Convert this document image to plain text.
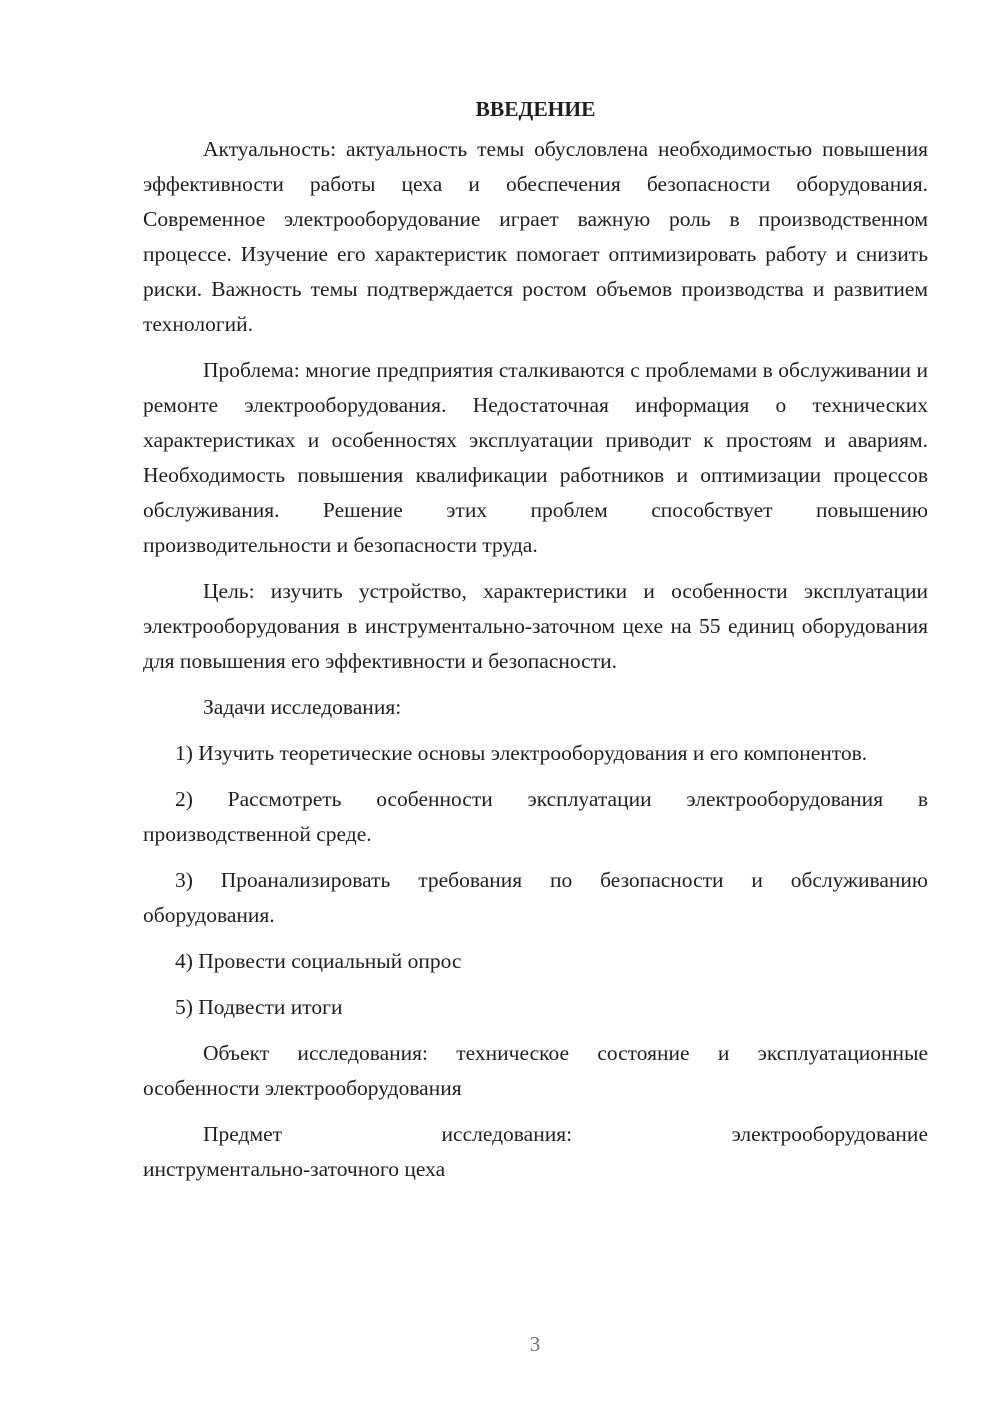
ВВЕДЕНИЕ

Актуальность: актуальность темы обусловлена необходимостью повышения эффективности работы цеха и обеспечения безопасности оборудования. Современное электрооборудование играет важную роль в производственном процессе. Изучение его характеристик помогает оптимизировать работу и снизить риски. Важность темы подтверждается ростом объемов производства и развитием технологий.

Проблема: многие предприятия сталкиваются с проблемами в обслуживании и ремонте электрооборудования. Недостаточная информация о технических характеристиках и особенностях эксплуатации приводит к простоям и авариям. Необходимость повышения квалификации работников и оптимизации процессов обслуживания. Решение этих проблем способствует повышению производительности и безопасности труда.

Цель: изучить устройство, характеристики и особенности эксплуатации электрооборудования в инструментально-заточном цехе на 55 единиц оборудования для повышения его эффективности и безопасности.

Задачи исследования:

1) Изучить теоретические основы электрооборудования и его компонентов.

2) Рассмотреть особенности эксплуатации электрооборудования в производственной среде.

3) Проанализировать требования по безопасности и обслуживанию оборудования.

4) Провести социальный опрос

5) Подвести итоги

Объект исследования: техническое состояние и эксплуатационные особенности электрооборудования

Предмет	исследования:	электрооборудование
инструментально-заточного цеха
3
